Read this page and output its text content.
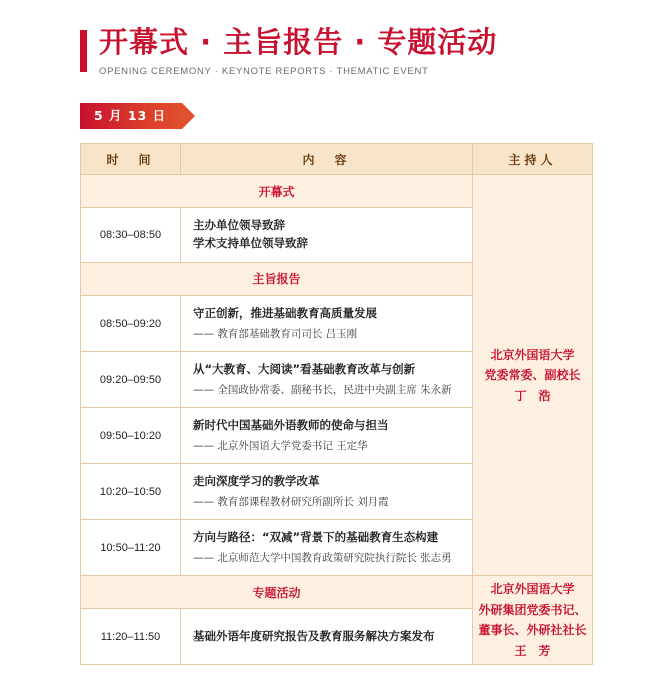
开幕式 · 主旨报告 · 专题活动
OPENING CEREMONY · KEYNOTE REPORTS · THEMATIC EVENT
5 月 13 日
时　间	内　容	主持人
开幕式		北京外国语大学
党委常委、副校长
丁　浩

08:30–08:50	主办单位领导致辞
学术支持单位领导致辞	

主旨报告		
08:50–09:20	守正创新，推进基础教育高质量发展
—— 教育部基础教育司司长 吕玉刚	

09:20–09:50	从“大教育、大阅读”看基础教育改革与创新
—— 全国政协常委、副秘书长，民进中央副主席 朱永新	

09:50–10:20	新时代中国基础外语教师的使命与担当
—— 北京外国语大学党委书记 王定华	

10:20–10:50	走向深度学习的教学改革
—— 教育部课程教材研究所副所长 刘月霞	

10:50–11:20	方向与路径：“双减”背景下的基础教育生态构建
—— 北京师范大学中国教育政策研究院执行院长 张志勇	

专题活动		北京外国语大学
外研集团党委书记、
董事长、外研社社长
王　芳

11:20–11:50	基础外语年度研究报告及教育服务解决方案发布	
